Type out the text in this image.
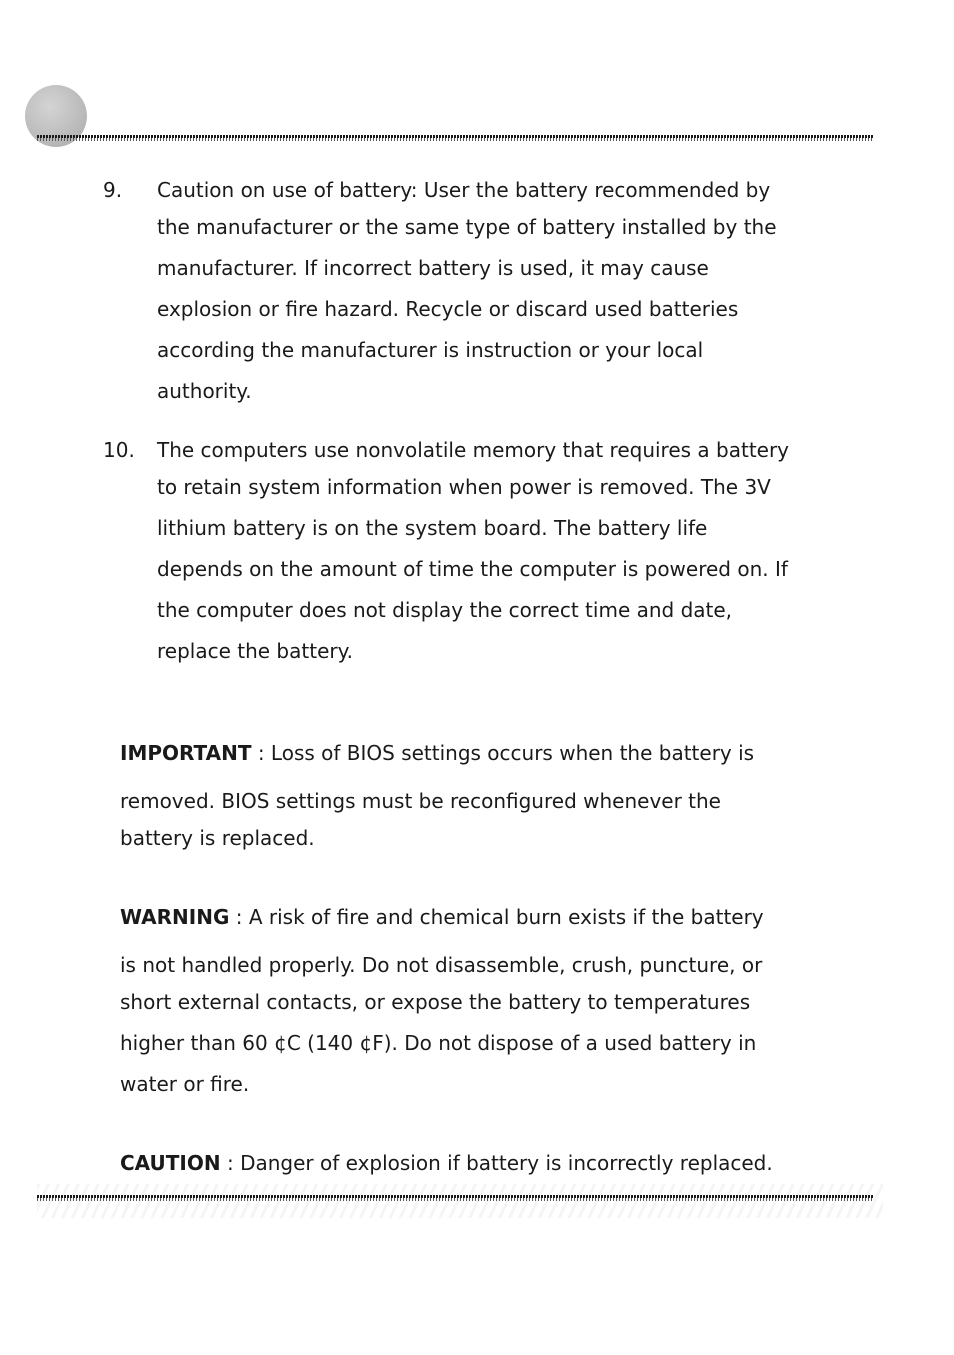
9. Caution on use of battery: User the battery recommended by
the manufacturer or the same type of battery installed by the
manufacturer. If incorrect battery is used, it may cause
explosion or fire hazard. Recycle or discard used batteries
according the manufacturer is instruction or your local
authority.
10. The computers use nonvolatile memory that requires a battery
to retain system information when power is removed. The 3V
lithium battery is on the system board. The battery life
depends on the amount of time the computer is powered on. If
the computer does not display the correct time and date,
replace the battery.
IMPORTANT : Loss of BIOS settings occurs when the battery is
removed. BIOS settings must be reconfigured whenever the
battery is replaced.
WARNING : A risk of fire and chemical burn exists if the battery
is not handled properly. Do not disassemble, crush, puncture, or
short external contacts, or expose the battery to temperatures
higher than 60 ¢C (140 ¢F). Do not dispose of a used battery in
water or fire.
CAUTION : Danger of explosion if battery is incorrectly replaced.
